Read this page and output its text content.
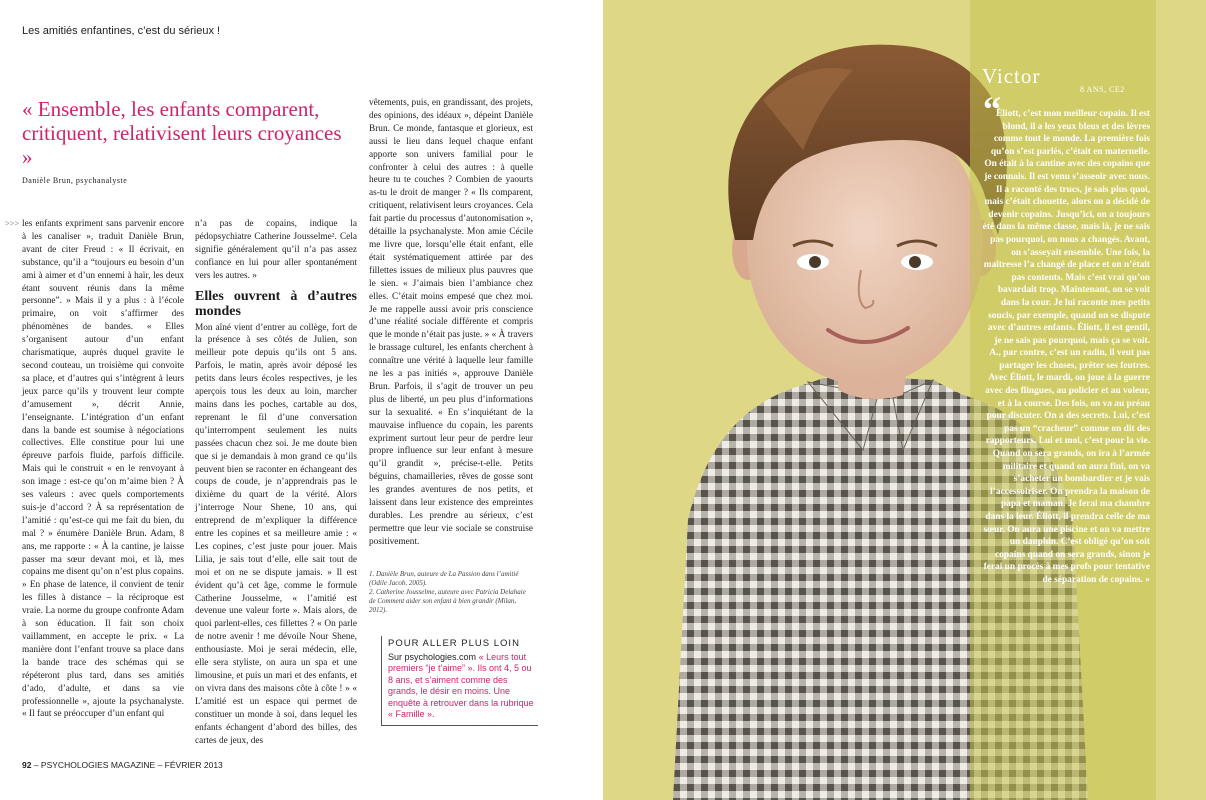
Les amitiés enfantines, c’est du sérieux !
« Ensemble, les enfants comparent, critiquent, relativisent leurs croyances »
Danièle Brun, psychanalyste
>>> les enfants expriment sans parvenir encore à les canaliser », traduit Danièle Brun, avant de citer Freud : « Il écrivait, en substance, qu’il a “toujours eu besoin d’un ami à aimer et d’un ennemi à haïr, les deux étant souvent réunis dans la même personne”. » Mais il y a plus : à l’école primaire, on voit s’affirmer des phénomènes de bandes. « Elles s’organisent autour d’un enfant charismatique, auprès duquel gravite le second couteau, un troisième qui convoite sa place, et d’autres qui s’intègrent à leurs jeux parce qu’ils y trouvent leur compte d’amusement », décrit Annie, l’enseignante. L’intégration d’un enfant dans la bande est soumise à négociations collectives. Elle constitue pour lui une épreuve parfois fluide, parfois difficile. Mais qui le construit « en le renvoyant à son image : est-ce qu’on m’aime bien ? À ses valeurs : avec quels comportements suis-je d’accord ? À sa représentation de l’amitié : qu’est-ce qui me fait du bien, du mal ? » énumère Danièle Brun. Adam, 8 ans, me rapporte : « À la cantine, je laisse passer ma sœur devant moi, et là, mes copains me disent qu’on n’est plus copains. » En phase de latence, il convient de tenir les filles à distance – la réciproque est vraie. La norme du groupe confronte Adam à son éducation. Il fait son choix vaillamment, en accepte le prix. « La manière dont l’enfant trouve sa place dans la bande trace des schémas qui se répéteront plus tard, dans ses amitiés d’ado, d’adulte, et dans sa vie professionnelle », ajoute la psychanalyste. « Il faut se préoccuper d’un enfant qui

n’a pas de copains, indique la pédopsychiatre Catherine Jousselme². Cela signifie généralement qu’il n’a pas assez confiance en lui pour aller spontanément vers les autres. »

Elles ouvrent à d’autres mondes

Mon aîné vient d’entrer au collège, fort de la présence à ses côtés de Julien, son meilleur pote depuis qu’ils ont 5 ans. Parfois, le matin, après avoir déposé les petits dans leurs écoles respectives, je les aperçois tous les deux au loin, marcher mains dans les poches, cartable au dos, reprenant le fil d’une conversation qu’interrompent seulement les nuits passées chacun chez soi. Je me doute bien que si je demandais à mon grand ce qu’ils peuvent bien se raconter en échangeant des coups de coude, je n’apprendrais pas le dixième du quart de la vérité. Alors j’interroge Nour Shene, 10 ans, qui entreprend de m’expliquer la différence entre les copines et sa meilleure amie : « Les copines, c’est juste pour jouer. Mais Lilia, je sais tout d’elle, elle sait tout de moi et on ne se dispute jamais. » Il est évident qu’à cet âge, comme le formule Catherine Jousselme, « l’amitié est devenue une valeur forte ». Mais alors, de quoi parlent-elles, ces fillettes ? « On parle de notre avenir ! me dévoile Nour Shene, enthousiaste. Moi je serai médecin, elle, elle sera styliste, on aura un spa et une limousine, et puis un mari et des enfants, et on vivra dans des maisons côte à côte ! » « L’amitié est un espace qui permet de constituer un monde à soi, dans lequel les enfants échangent d’abord des billes, des cartes de jeux, des

vêtements, puis, en grandissant, des projets, des opinions, des idéaux », dépeint Danièle Brun. Ce monde, fantasque et glorieux, est aussi le lieu dans lequel chaque enfant apporte son univers familial pour le confronter à celui des autres : à quelle heure tu te couches ? Combien de yaourts as-tu le droit de manger ? « Ils comparent, critiquent, relativisent leurs croyances. Cela fait partie du processus d’autonomisation », détaille la psychanalyste. Mon amie Cécile me livre que, lorsqu’elle était enfant, elle était systématiquement attirée par des fillettes issues de milieux plus pauvres que le sien. « J’aimais bien l’ambiance chez elles. C’était moins empesé que chez moi. Je me rappelle aussi avoir pris conscience d’une réalité sociale différente et compris que le monde n’était pas juste. » « À travers le brassage culturel, les enfants cherchent à connaître une vérité à laquelle leur famille ne les a pas initiés », approuve Danièle Brun. Parfois, il s’agit de trouver un peu plus de liberté, un peu plus d’informations sur la sexualité. « En s’inquiétant de la mauvaise influence du copain, les parents expriment surtout leur peur de perdre leur propre influence sur leur enfant à mesure qu’il grandit », précise-t-elle. Petits béguins, chamailleries, rêves de gosse sont les grandes aventures de nos petits, et laissent dans leur existence des empreintes durables. Les prendre au sérieux, c’est permettre que leur vie sociale se construise positivement.

1. Danièle Brun, auteure de La Passion dans l’amitié (Odile Jacob, 2005).

2. Catherine Jousselme, auteure avec Patricia Delahaie de Comment aider son enfant à bien grandir (Milan, 2012).

POUR ALLER PLUS LOIN
Sur psychologies.com « Leurs tout premiers “je t’aime” ». Ils ont 4, 5 ou 8 ans, et s’aiment comme des grands, le désir en moins. Une enquête à retrouver dans la rubrique « Famille ».
92 – PSYCHOLOGIES MAGAZINE – FÉVRIER 2013
Victor
8 ANS, CE2
“
Éliott, c’est mon meilleur copain. Il est blond, il a les yeux bleus et des lèvres comme tout le monde. La première fois qu’on s’est parlés, c’était en maternelle. On était à la cantine avec des copains que je connais. Il est venu s’asseoir avec nous. Il a raconté des trucs, je sais plus quoi, mais c’était chouette, alors on a décidé de devenir copains. Jusqu’ici, on a toujours été dans la même classe, mais là, je ne sais pas pourquoi, on nous a changés. Avant, on s’asseyait ensemble. Une fois, la maîtresse l’a changé de place et on n’était pas contents. Mais c’est vrai qu’on bavardait trop. Maintenant, on se voit dans la cour. Je lui raconte mes petits soucis, par exemple, quand on se dispute avec d’autres enfants. Éliott, il est gentil, je ne sais pas pourquoi, mais ça se voit. A., par contre, c’est un radin, il veut pas partager les choses, prêter ses feutres. Avec Éliott, le mardi, on joue à la guerre avec des flingues, au policier et au voleur, et à la course. Des fois, on va au préau pour discuter. On a des secrets. Lui, c’est pas un “cracheur” comme on dit des rapporteurs. Lui et moi, c’est pour la vie. Quand on sera grands, on ira à l’armée militaire et quand on aura fini, on va s’acheter un bombardier et je vais l’accessoiriser. On prendra la maison de papa et maman. Je ferai ma chambre dans la leur. Éliott, il prendra celle de ma sœur. On aura une piscine et on va mettre un dauphin. C’est obligé qu’on soit copains quand on sera grands, sinon je ferai un procès à mes profs pour tentative de séparation de copains. »
